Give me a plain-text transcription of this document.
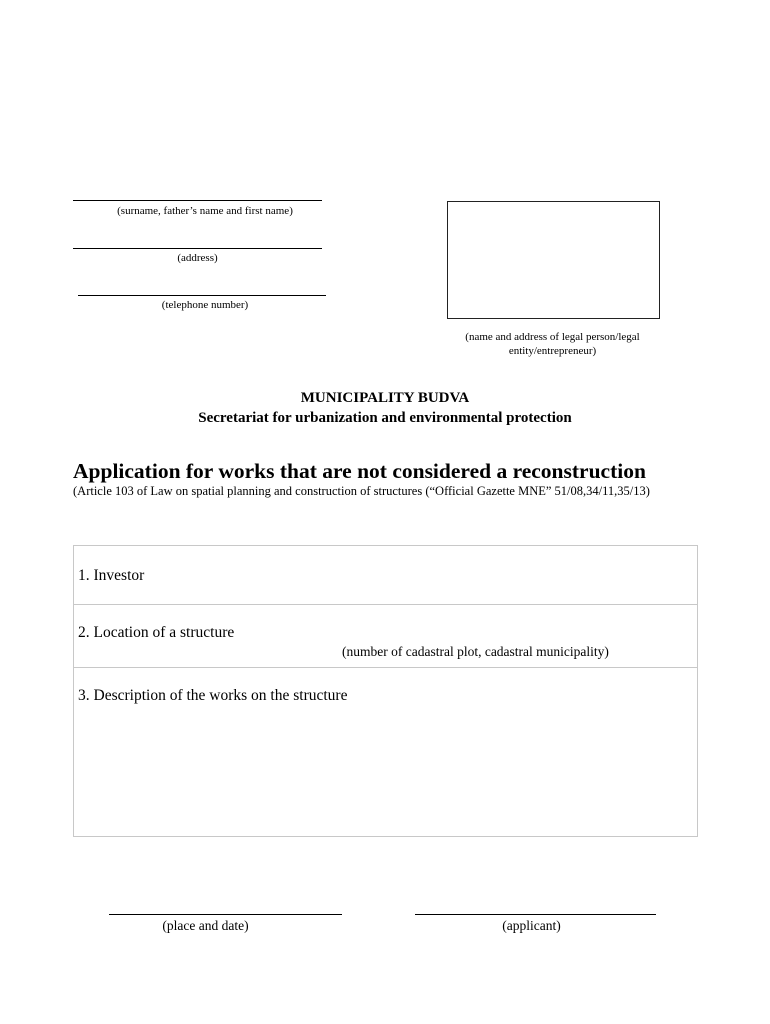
(surname, father’s name and first name)
(address)
(telephone number)
(name and address of legal person/legal entity/entrepreneur)
MUNICIPALITY BUDVA
Secretariat for urbanization and environmental protection
Application for works that are not considered a reconstruction
(Article 103 of Law on spatial planning and construction of structures (“Official Gazette MNE” 51/08,34/11,35/13)
1. Investor
2. Location of a structure
(number of cadastral plot, cadastral municipality)
3. Description of the works on the structure
(place and date)	(applicant)
